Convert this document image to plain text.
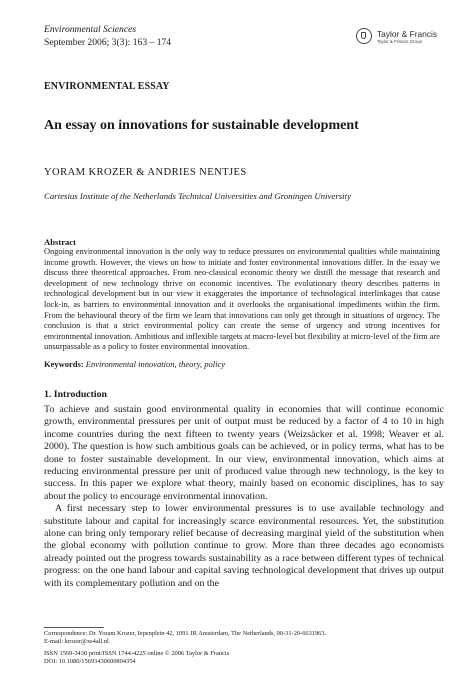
Environmental Sciences
September 2006; 3(3): 163 – 174
Taylor & Francis
Taylor & Francis Group
ENVIRONMENTAL ESSAY
An essay on innovations for sustainable development
YORAM KROZER & ANDRIES NENTJES
Cartesius Institute of the Netherlands Technical Universities and Groningen University
Abstract
Ongoing environmental innovation is the only way to reduce pressures on environmental qualities while maintaining income growth. However, the views on how to initiate and foster environmental innovations differ. In the essay we discuss three theoretical approaches. From neo-classical economic theory we distill the message that research and development of new technology thrive on economic incentives. The evolutionary theory describes patterns in technological development but in our view it exaggerates the importance of technological interlinkages that cause lock-in, as barriers to environmental innovation and it overlooks the organisational impediments within the firm. From the behavioural theory of the firm we learn that innovations can only get through in situations of urgency. The conclusion is that a strict environmental policy can create the sense of urgency and strong incentives for environmental innovation. Ambitious and inflexible targets at macro-level but flexibility at micro-level of the firm are unsurpassable as a policy to foster environmental innovation.
Keywords: Environmental innovation, theory, policy
1. Introduction

To achieve and sustain good environmental quality in economies that will continue economic growth, environmental pressures per unit of output must be reduced by a factor of 4 to 10 in high income countries during the next fifteen to twenty years (Weizsäcker et al. 1998; Weaver et al. 2000). The question is how such ambitious goals can be achieved, or in policy terms, what has to be done to foster sustainable development. In our view, environmental innovation, which aims at reducing environmental pressure per unit of produced value through new technology, is the key to success. In this paper we explore what theory, mainly based on economic disciplines, has to say about the policy to encourage environmental innovation.

A first necessary step to lower environmental pressures is to use available technology and substitute labour and capital for increasingly scarce environmental resources. Yet, the substitution alone can bring only temporary relief because of decreasing marginal yield of the substitution when the global economy with pollution continue to grow. More than three decades ago economists already pointed out the progress towards sustainability as a race between different types of technical progress: on the one hand labour and capital saving technological development that drives up output with its complementary pollution and on the

Correspondence: Dr. Yoram Krozer, Iepenplein 42, 1091 JR Amsterdam, The Netherlands, 00-31-20-6631963.
E-mail: krozer@xs4all.nl
ISSN 1569-3430 print/ISSN 1744-4225 online © 2006 Taylor & Francis
DOI: 10.1080/15693430600804354
